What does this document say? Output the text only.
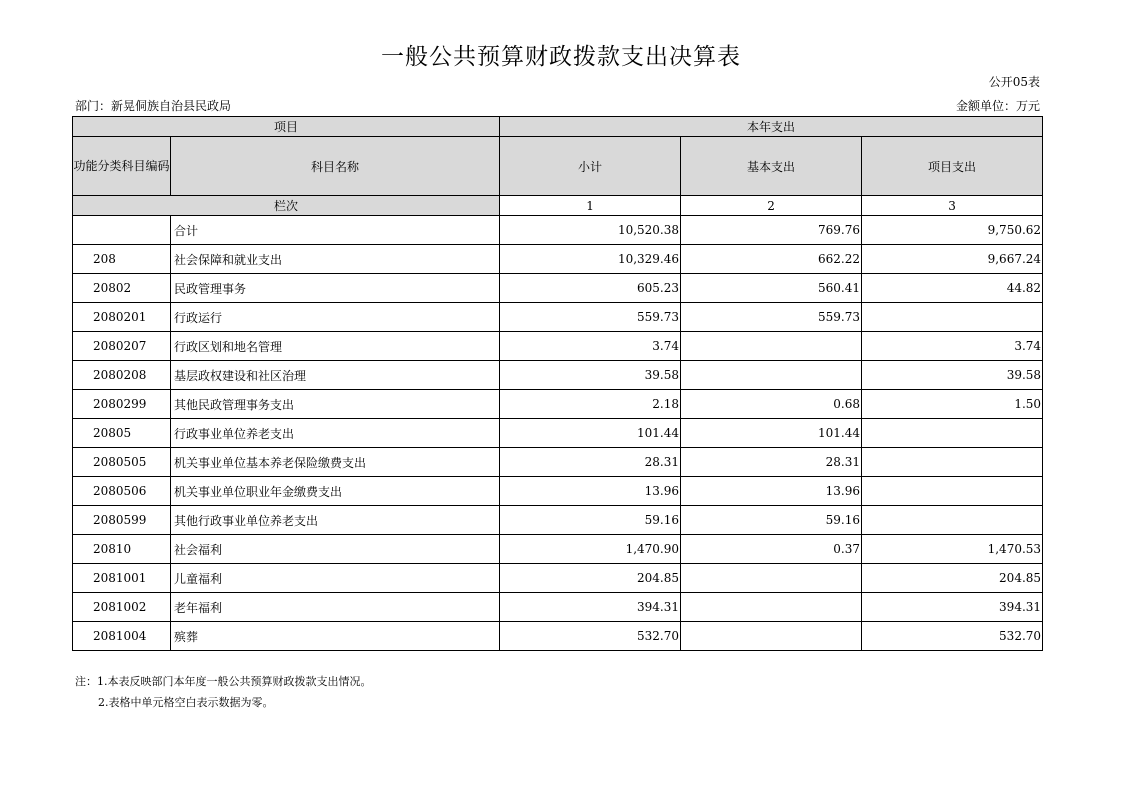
一般公共预算财政拨款支出决算表
公开05表
部门：新晃侗族自治县民政局	金额单位：万元
项目		本年支出		
功能分类科目编码	科目名称	小计	基本支出	项目支出
栏次		1	2	3
	合计	10,520.38	769.76	9,750.62
208	社会保障和就业支出	10,329.46	662.22	9,667.24
20802	民政管理事务	605.23	560.41	44.82
2080201	行政运行	559.73	559.73	
2080207	行政区划和地名管理	3.74		3.74
2080208	基层政权建设和社区治理	39.58		39.58
2080299	其他民政管理事务支出	2.18	0.68	1.50
20805	行政事业单位养老支出	101.44	101.44	
2080505	机关事业单位基本养老保险缴费支出	28.31	28.31	
2080506	机关事业单位职业年金缴费支出	13.96	13.96	
2080599	其他行政事业单位养老支出	59.16	59.16	
20810	社会福利	1,470.90	0.37	1,470.53
2081001	儿童福利	204.85		204.85
2081002	老年福利	394.31		394.31
2081004	殡葬	532.70		532.70
注：1.本表反映部门本年度一般公共预算财政拨款支出情况。
2.表格中单元格空白表示数据为零。
